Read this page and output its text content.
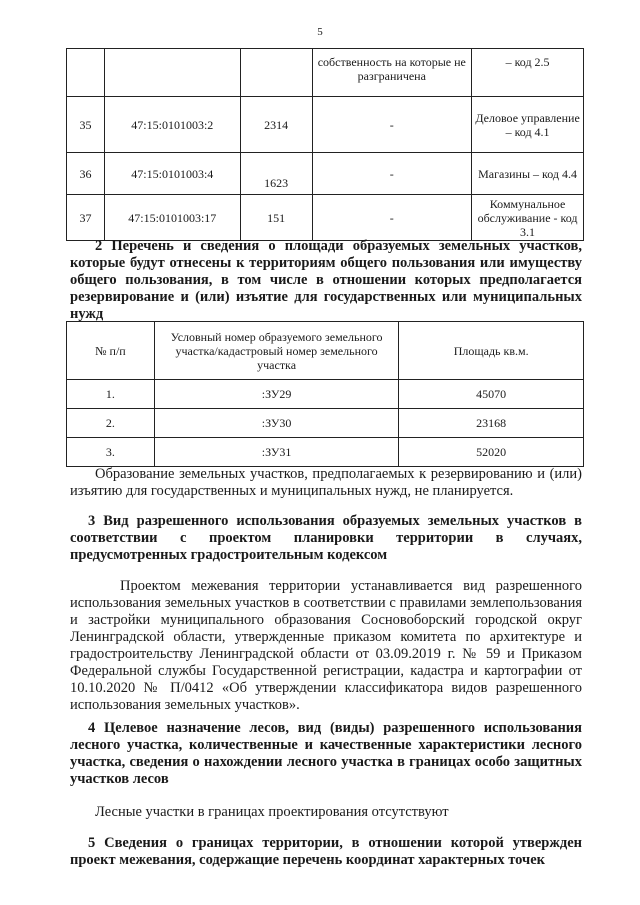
5
			собственность на которые не разграничена	– код 2.5
35	47:15:0101003:2	2314	-	Деловое управление – код 4.1
36	47:15:0101003:4	1623	-	Магазины – код 4.4
37	47:15:0101003:17	151	-	Коммунальное обслуживание - код 3.1

2 Перечень и сведения о площади образуемых земельных участков, которые будут отнесены к территориям общего пользования или имуществу общего пользования, в том числе в отношении которых предполагается резервирование и (или) изъятие для государственных или муниципальных нужд

№ п/п	Условный номер образуемого земельного участка/кадастровый номер земельного участка	Площадь кв.м.
1.	:ЗУ29	45070
2.	:ЗУ30	23168
3.	:ЗУ31	52020

Образование земельных участков, предполагаемых к резервированию и (или) изъятию для государственных и муниципальных нужд, не планируется.

3 Вид разрешенного использования образуемых земельных участков в соответствии с проектом планировки территории в случаях, предусмотренных градостроительным кодексом

Проектом межевания территории устанавливается вид разрешенного использования земельных участков в соответствии с правилами землепользования и застройки муниципального образования Сосновоборский городской округ Ленинградской области, утвержденные приказом комитета по архитектуре и градостроительству Ленинградской области от 03.09.2019 г. № 59 и Приказом Федеральной службы Государственной регистрации, кадастра и картографии от 10.10.2020 № П/0412 «Об утверждении классификатора видов разрешенного использования земельных участков».

4 Целевое назначение лесов, вид (виды) разрешенного использования лесного участка, количественные и качественные характеристики лесного участка, сведения о нахождении лесного участка в границах особо защитных участков лесов

Лесные участки в границах проектирования отсутствуют

5 Сведения о границах территории, в отношении которой утвержден проект межевания, содержащие перечень координат характерных точек
